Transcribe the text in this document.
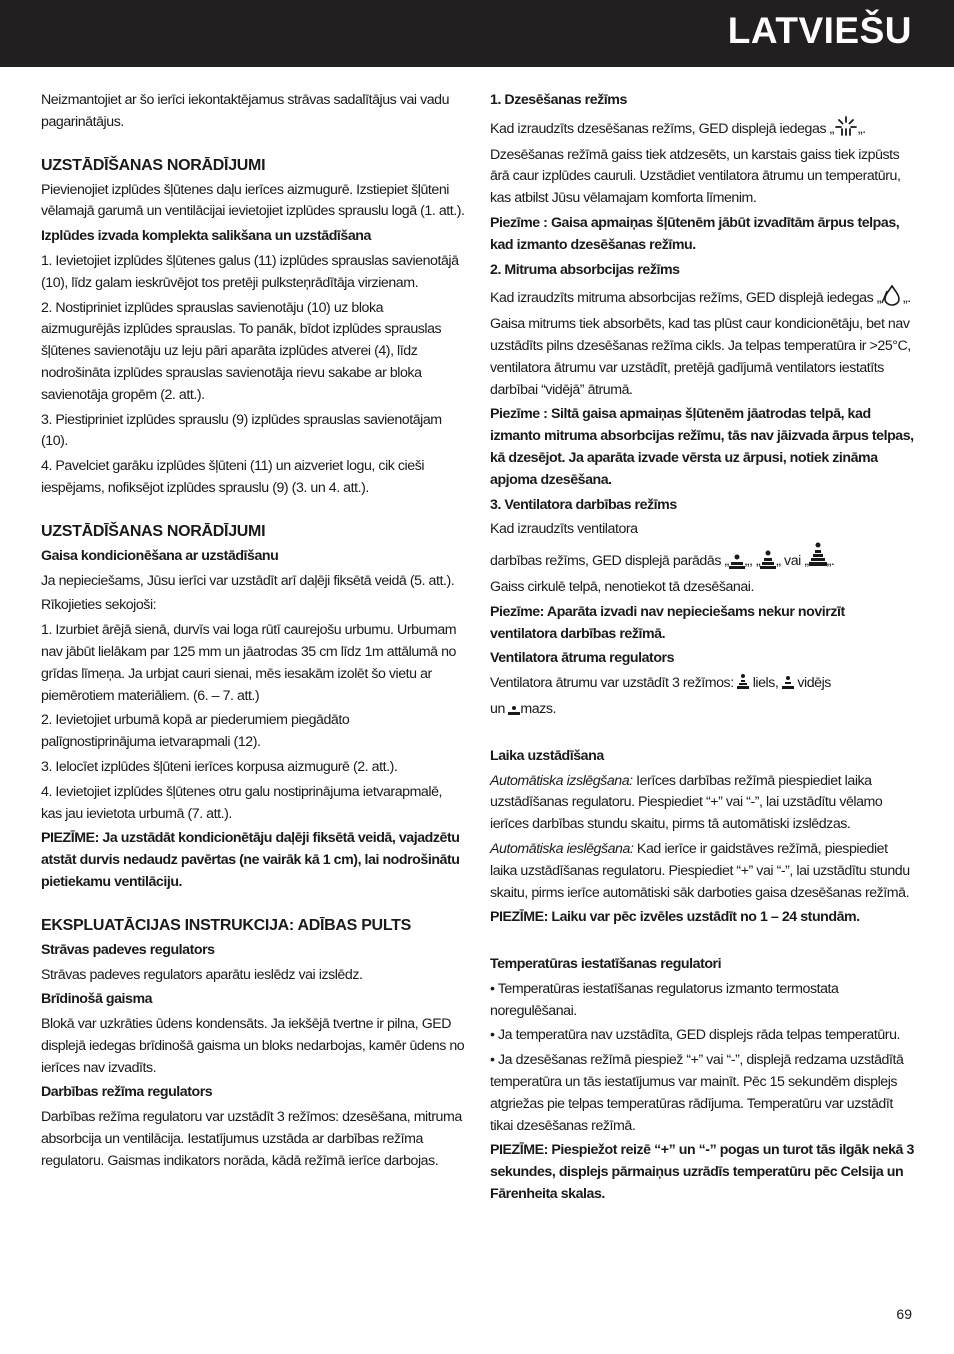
LATVIEŠU

Neizmantojiet ar šo ierīci iekontaktējamus strāvas sadalītājus vai vadu pagarinātājus.

UZSTĀDĪŠANAS NORĀDĪJUMI

Pievienojiet izplūdes šļūtenes daļu ierīces aizmugurē. Izstiepiet šļūteni vēlamajā garumā un ventilācijai ievietojiet izplūdes sprauslu logā (1. att.).

Izplūdes izvada komplekta salikšana un uzstādīšana

1. Ievietojiet izplūdes šļūtenes galus (11) izplūdes sprauslas savienotājā (10), līdz galam ieskrūvējot tos pretēji pulksteņrādītāja virzienam.

2. Nostipriniet izplūdes sprauslas savienotāju (10) uz bloka aizmugurējās izplūdes sprauslas. To panāk, bīdot izplūdes sprauslas šļūtenes savienotāju uz leju pāri aparāta izplūdes atverei (4), līdz nodrošināta izplūdes sprauslas savienotāja rievu sakabe ar bloka savienotāja gropēm (2. att.).

3. Piestipriniet izplūdes sprauslu (9) izplūdes sprauslas savienotājam (10).

4. Pavelciet garāku izplūdes šļūteni (11) un aizveriet logu, cik cieši iespējams, nofiksējot izplūdes sprauslu (9) (3. un 4. att.).

UZSTĀDĪŠANAS NORĀDĪJUMI

Gaisa kondicionēšana ar uzstādīšanu

Ja nepieciešams, Jūsu ierīci var uzstādīt arī daļēji fiksētā veidā (5. att.).

Rīkojieties sekojoši:

1. Izurbiet ārējā sienā, durvīs vai loga rūtī caurejošu urbumu. Urbumam nav jābūt lielākam par 125 mm un jāatrodas 35 cm līdz 1m attālumā no grīdas līmeņa. Ja urbjat cauri sienai, mēs iesakām izolēt šo vietu ar piemērotiem materiāliem. (6. – 7. att.)

2. Ievietojiet urbumā kopā ar piederumiem piegādāto palīgnostiprinājuma ietvarapmali (12).

3. Ielocīet izplūdes šļūteni ierīces korpusa aizmugurē (2. att.).

4. Ievietojiet izplūdes šļūtenes otru galu nostiprinājuma ietvarapmalē, kas jau ievietota urbumā (7. att.).

PIEZĪME: Ja uzstādāt kondicionētāju daļēji fiksētā veidā, vajadzētu atstāt durvis nedaudz pavērtas (ne vairāk kā 1 cm), lai nodrošinātu pietiekamu ventilāciju.

EKSPLUATĀCIJAS INSTRUKCIJA: ADĪBAS PULTS

Strāvas padeves regulators

Strāvas padeves regulators aparātu ieslēdz vai izslēdz.

Brīdinošā gaisma

Blokā var uzkrāties ūdens kondensāts. Ja iekšējā tvertne ir pilna, GED displejā iedegas brīdinošā gaisma un bloks nedarbojas, kamēr ūdens no ierīces nav izvadīts.

Darbības režīma regulators

Darbības režīma regulatoru var uzstādīt 3 režīmos: dzesēšana, mitruma absorbcija un ventilācija. Iestatījumus uzstāda ar darbības režīma regulatoru. Gaismas indikators norāda, kādā režīmā ierīce darbojas.

1. Dzesēšanas režīms

Kad izraudzīts dzesēšanas režīms, GED displejā iedegas „ „. Dzesēšanas režīmā gaiss tiek atdzesēts, un karstais gaiss tiek izpūsts ārā caur izplūdes cauruli. Uzstādiet ventilatora ātrumu un temperatūru, kas atbilst Jūsu vēlamajam komforta līmenim.

Piezīme : Gaisa apmaiņas šļūtenēm jābūt izvadītām ārpus telpas, kad izmanto dzesēšanas režīmu.

2. Mitruma absorbcijas režīms

Kad izraudzīts mitruma absorbcijas režīms, GED displejā iedegas „ „. Gaisa mitrums tiek absorbēts, kad tas plūst caur kondicionētāju, bet nav uzstādīts pilns dzesēšanas režīma cikls. Ja telpas temperatūra ir >25°C, ventilatora ātrumu var uzstādīt, pretējā gadījumā ventilators iestatīts darbībai “vidējā” ātrumā.

Piezīme : Siltā gaisa apmaiņas šļūtenēm jāatrodas telpā, kad izmanto mitruma absorbcijas režīmu, tās nav jāizvada ārpus telpas, kā dzesējot. Ja aparāta izvade vērsta uz ārpusi, notiek zināma apjoma dzesēšana.

3. Ventilatora darbības režīms

Kad izraudzīts ventilatora
darbības režīms, GED displejā parādās „ „, „ „ vai „ „.
Gaiss cirkulē telpā, nenotiekot tā dzesēšanai.

Piezīme: Aparāta izvadi nav nepieciešams nekur novirzīt ventilatora darbības režīmā.

Ventilatora ātruma regulators

Ventilatora ātrumu var uzstādīt 3 režīmos: liels, vidējs
un mazs.

Laika uzstādīšana

Automātiska izslēgšana: Ierīces darbības režīmā piespiediet laika uzstādīšanas regulatoru. Piespiediet “+” vai “-”, lai uzstādītu vēlamo ierīces darbības stundu skaitu, pirms tā automātiski izslēdzas.

Automātiska ieslēgšana: Kad ierīce ir gaidstāves režīmā, piespiediet laika uzstādīšanas regulatoru. Piespiediet “+” vai “-”, lai uzstādītu stundu skaitu, pirms ierīce automātiski sāk darboties gaisa dzesēšanas režīmā.

PIEZĪME: Laiku var pēc izvēles uzstādīt no 1 – 24 stundām.

Temperatūras iestatīšanas regulatori

• Temperatūras iestatīšanas regulatorus izmanto termostata noregulēšanai.

• Ja temperatūra nav uzstādīta, GED displejs rāda telpas temperatūru.

• Ja dzesēšanas režīmā piespiež “+” vai “-”, displejā redzama uzstādītā temperatūra un tās iestatījumus var mainīt. Pēc 15 sekundēm displejs atgriežas pie telpas temperatūras rādījuma. Temperatūru var uzstādīt tikai dzesēšanas režīmā.

PIEZĪME: Piespiežot reizē “+” un “-” pogas un turot tās ilgāk nekā 3 sekundes, displejs pārmaiņus uzrādīs temperatūru pēc Celsija un Fārenheita skalas.

69
